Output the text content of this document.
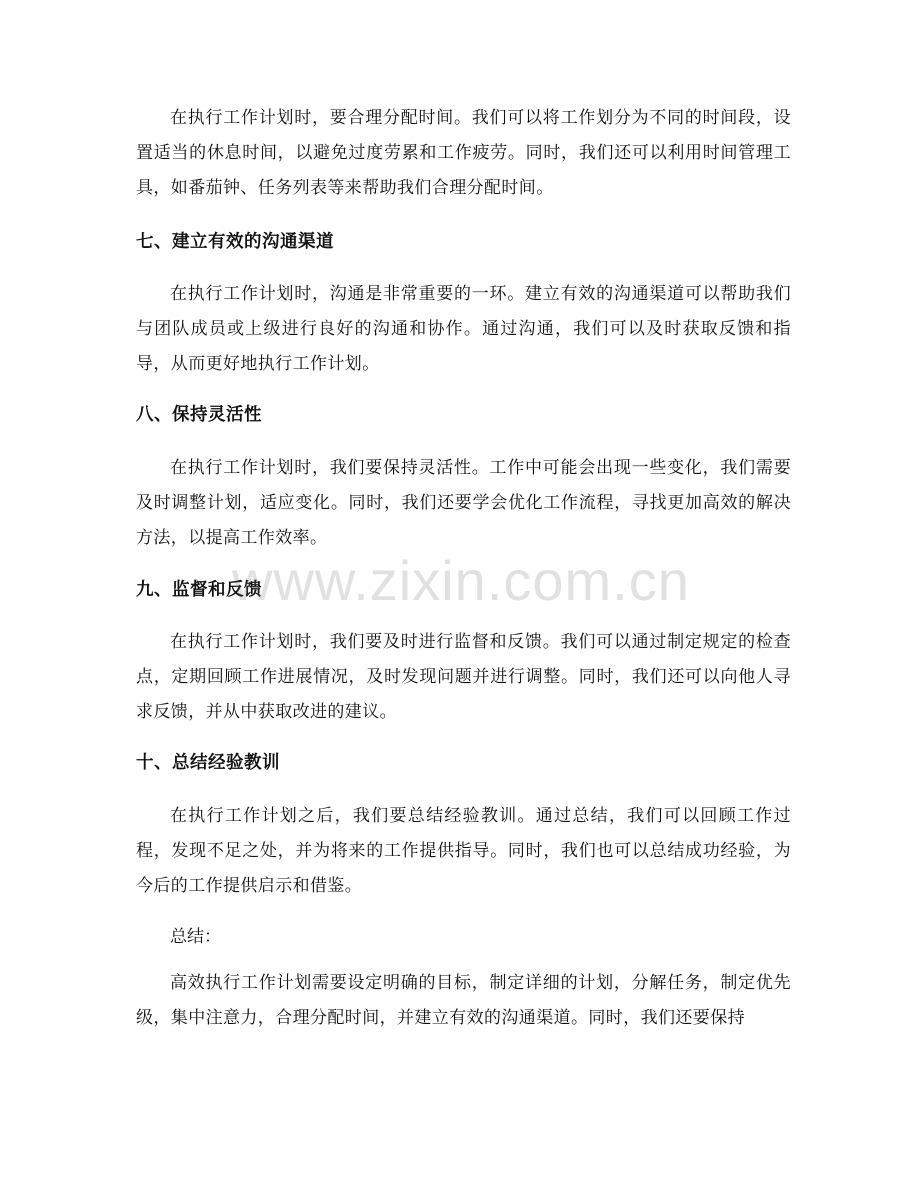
在执行工作计划时，要合理分配时间。我们可以将工作划分为不同的时间段，设置适当的休息时间，以避免过度劳累和工作疲劳。同时，我们还可以利用时间管理工具，如番茄钟、任务列表等来帮助我们合理分配时间。

七、建立有效的沟通渠道

在执行工作计划时，沟通是非常重要的一环。建立有效的沟通渠道可以帮助我们与团队成员或上级进行良好的沟通和协作。通过沟通，我们可以及时获取反馈和指导，从而更好地执行工作计划。

八、保持灵活性

在执行工作计划时，我们要保持灵活性。工作中可能会出现一些变化，我们需要及时调整计划，适应变化。同时，我们还要学会优化工作流程，寻找更加高效的解决方法，以提高工作效率。

九、监督和反馈

在执行工作计划时，我们要及时进行监督和反馈。我们可以通过制定规定的检查点，定期回顾工作进展情况，及时发现问题并进行调整。同时，我们还可以向他人寻求反馈，并从中获取改进的建议。

十、总结经验教训

在执行工作计划之后，我们要总结经验教训。通过总结，我们可以回顾工作过程，发现不足之处，并为将来的工作提供指导。同时，我们也可以总结成功经验，为今后的工作提供启示和借鉴。

总结：

高效执行工作计划需要设定明确的目标，制定详细的计划，分解任务，制定优先级，集中注意力，合理分配时间，并建立有效的沟通渠道。同时，我们还要保持

www.zixin.com.cn
